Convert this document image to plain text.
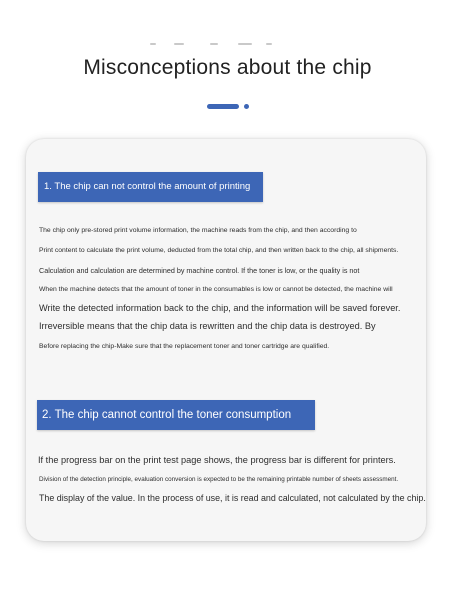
Misconceptions about the chip
1. The chip can not control the amount of printing
The chip only pre-stored print volume information, the machine reads from the chip, and then according to
Print content to calculate the print volume, deducted from the total chip, and then written back to the chip, all shipments.
Calculation and calculation are determined by machine control. If the toner is low, or the quality is not
When the machine detects that the amount of toner in the consumables is low or cannot be detected, the machine will
Write the detected information back to the chip, and the information will be saved forever.
Irreversible means that the chip data is rewritten and the chip data is destroyed. By
Before replacing the chip-Make sure that the replacement toner and toner cartridge are qualified.
2. The chip cannot control the toner consumption
If the progress bar on the print test page shows, the progress bar is different for printers.
Division of the detection principle, evaluation conversion is expected to be the remaining printable number of sheets assessment.
The display of the value. In the process of use, it is read and calculated, not calculated by the chip.
